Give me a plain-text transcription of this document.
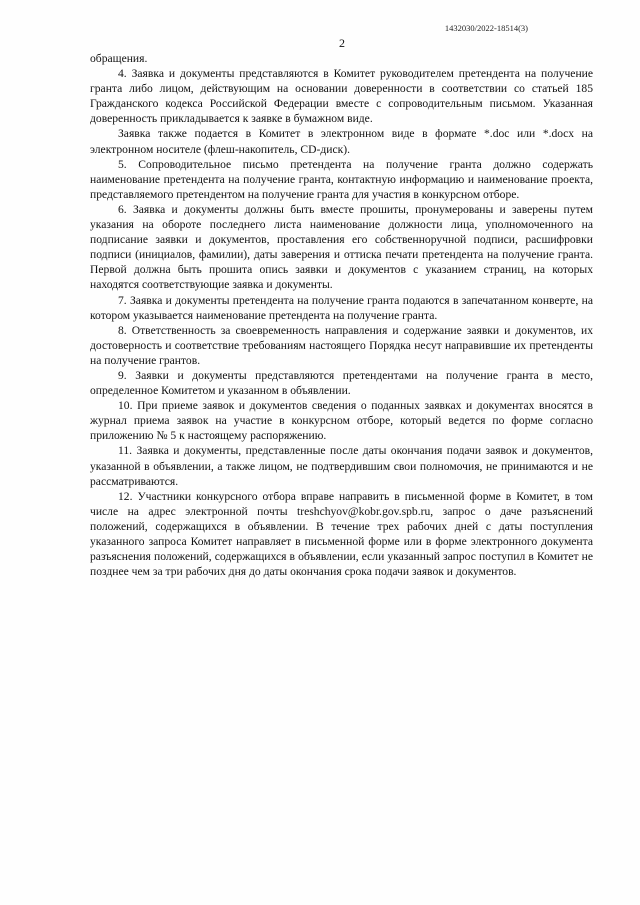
1432030/2022-18514(3)
2

обращения.

4. Заявка и документы представляются в Комитет руководителем претендента на получение гранта либо лицом, действующим на основании доверенности в соответствии со статьей 185 Гражданского кодекса Российской Федерации вместе с сопроводительным письмом. Указанная доверенность прикладывается к заявке в бумажном виде.

Заявка также подается в Комитет в электронном виде в формате *.doc или *.docx на электронном носителе (флеш-накопитель, CD-диск).

5. Сопроводительное письмо претендента на получение гранта должно содержать наименование претендента на получение гранта, контактную информацию и наименование проекта, представляемого претендентом на получение гранта для участия в конкурсном отборе.

6. Заявка и документы должны быть вместе прошиты, пронумерованы и заверены путем указания на обороте последнего листа наименование должности лица, уполномоченного на подписание заявки и документов, проставления его собственноручной подписи, расшифровки подписи (инициалов, фамилии), даты заверения и оттиска печати претендента на получение гранта. Первой должна быть прошита опись заявки и документов с указанием страниц, на которых находятся соответствующие заявка и документы.

7. Заявка и документы претендента на получение гранта подаются в запечатанном конверте, на котором указывается наименование претендента на получение гранта.

8. Ответственность за своевременность направления и содержание заявки и документов, их достоверность и соответствие требованиям настоящего Порядка несут направившие их претенденты на получение грантов.

9. Заявки и документы представляются претендентами на получение гранта в место, определенное Комитетом и указанном в объявлении.

10. При приеме заявок и документов сведения о поданных заявках и документах вносятся в журнал приема заявок на участие в конкурсном отборе, который ведется по форме согласно приложению № 5 к настоящему распоряжению.

11. Заявка и документы, представленные после даты окончания подачи заявок и документов, указанной в объявлении, а также лицом, не подтвердившим свои полномочия, не принимаются и не рассматриваются.

12. Участники конкурсного отбора вправе направить в письменной форме в Комитет, в том числе на адрес электронной почты treshchyov@kobr.gov.spb.ru, запрос о даче разъяснений положений, содержащихся в объявлении. В течение трех рабочих дней с даты поступления указанного запроса Комитет направляет в письменной форме или в форме электронного документа разъяснения положений, содержащихся в объявлении, если указанный запрос поступил в Комитет не позднее чем за три рабочих дня до даты окончания срока подачи заявок и документов.
